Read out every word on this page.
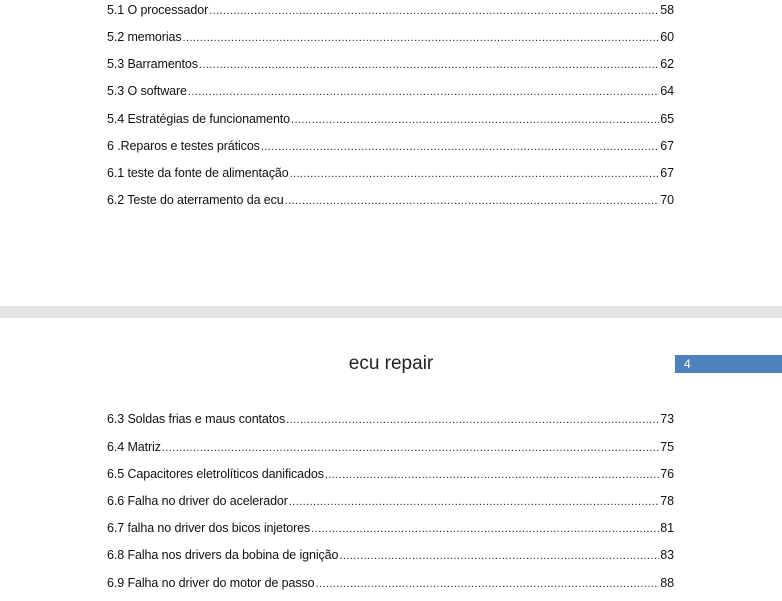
5.1 O processador .....	58
5.2 memorias .....	60
5.3 Barramentos .....	62
5.3 O software .....	64
5.4 Estratégias de funcionamento .....	65
6 .Reparos e testes práticos .....	67
6.1 teste da fonte de alimentação .....	67
6.2 Teste do aterramento da ecu .....	70
ecu repair	4
6.3 Soldas frias e maus contatos .....	73
6.4 Matriz .....	75
6.5 Capacitores eletrolíticos danificados .....	76
6.6 Falha no driver do acelerador .....	78
6.7 falha no driver dos bicos injetores .....	81
6.8 Falha nos drivers da bobina de ignição .....	83
6.9 Falha no driver do motor de passo .....	88
